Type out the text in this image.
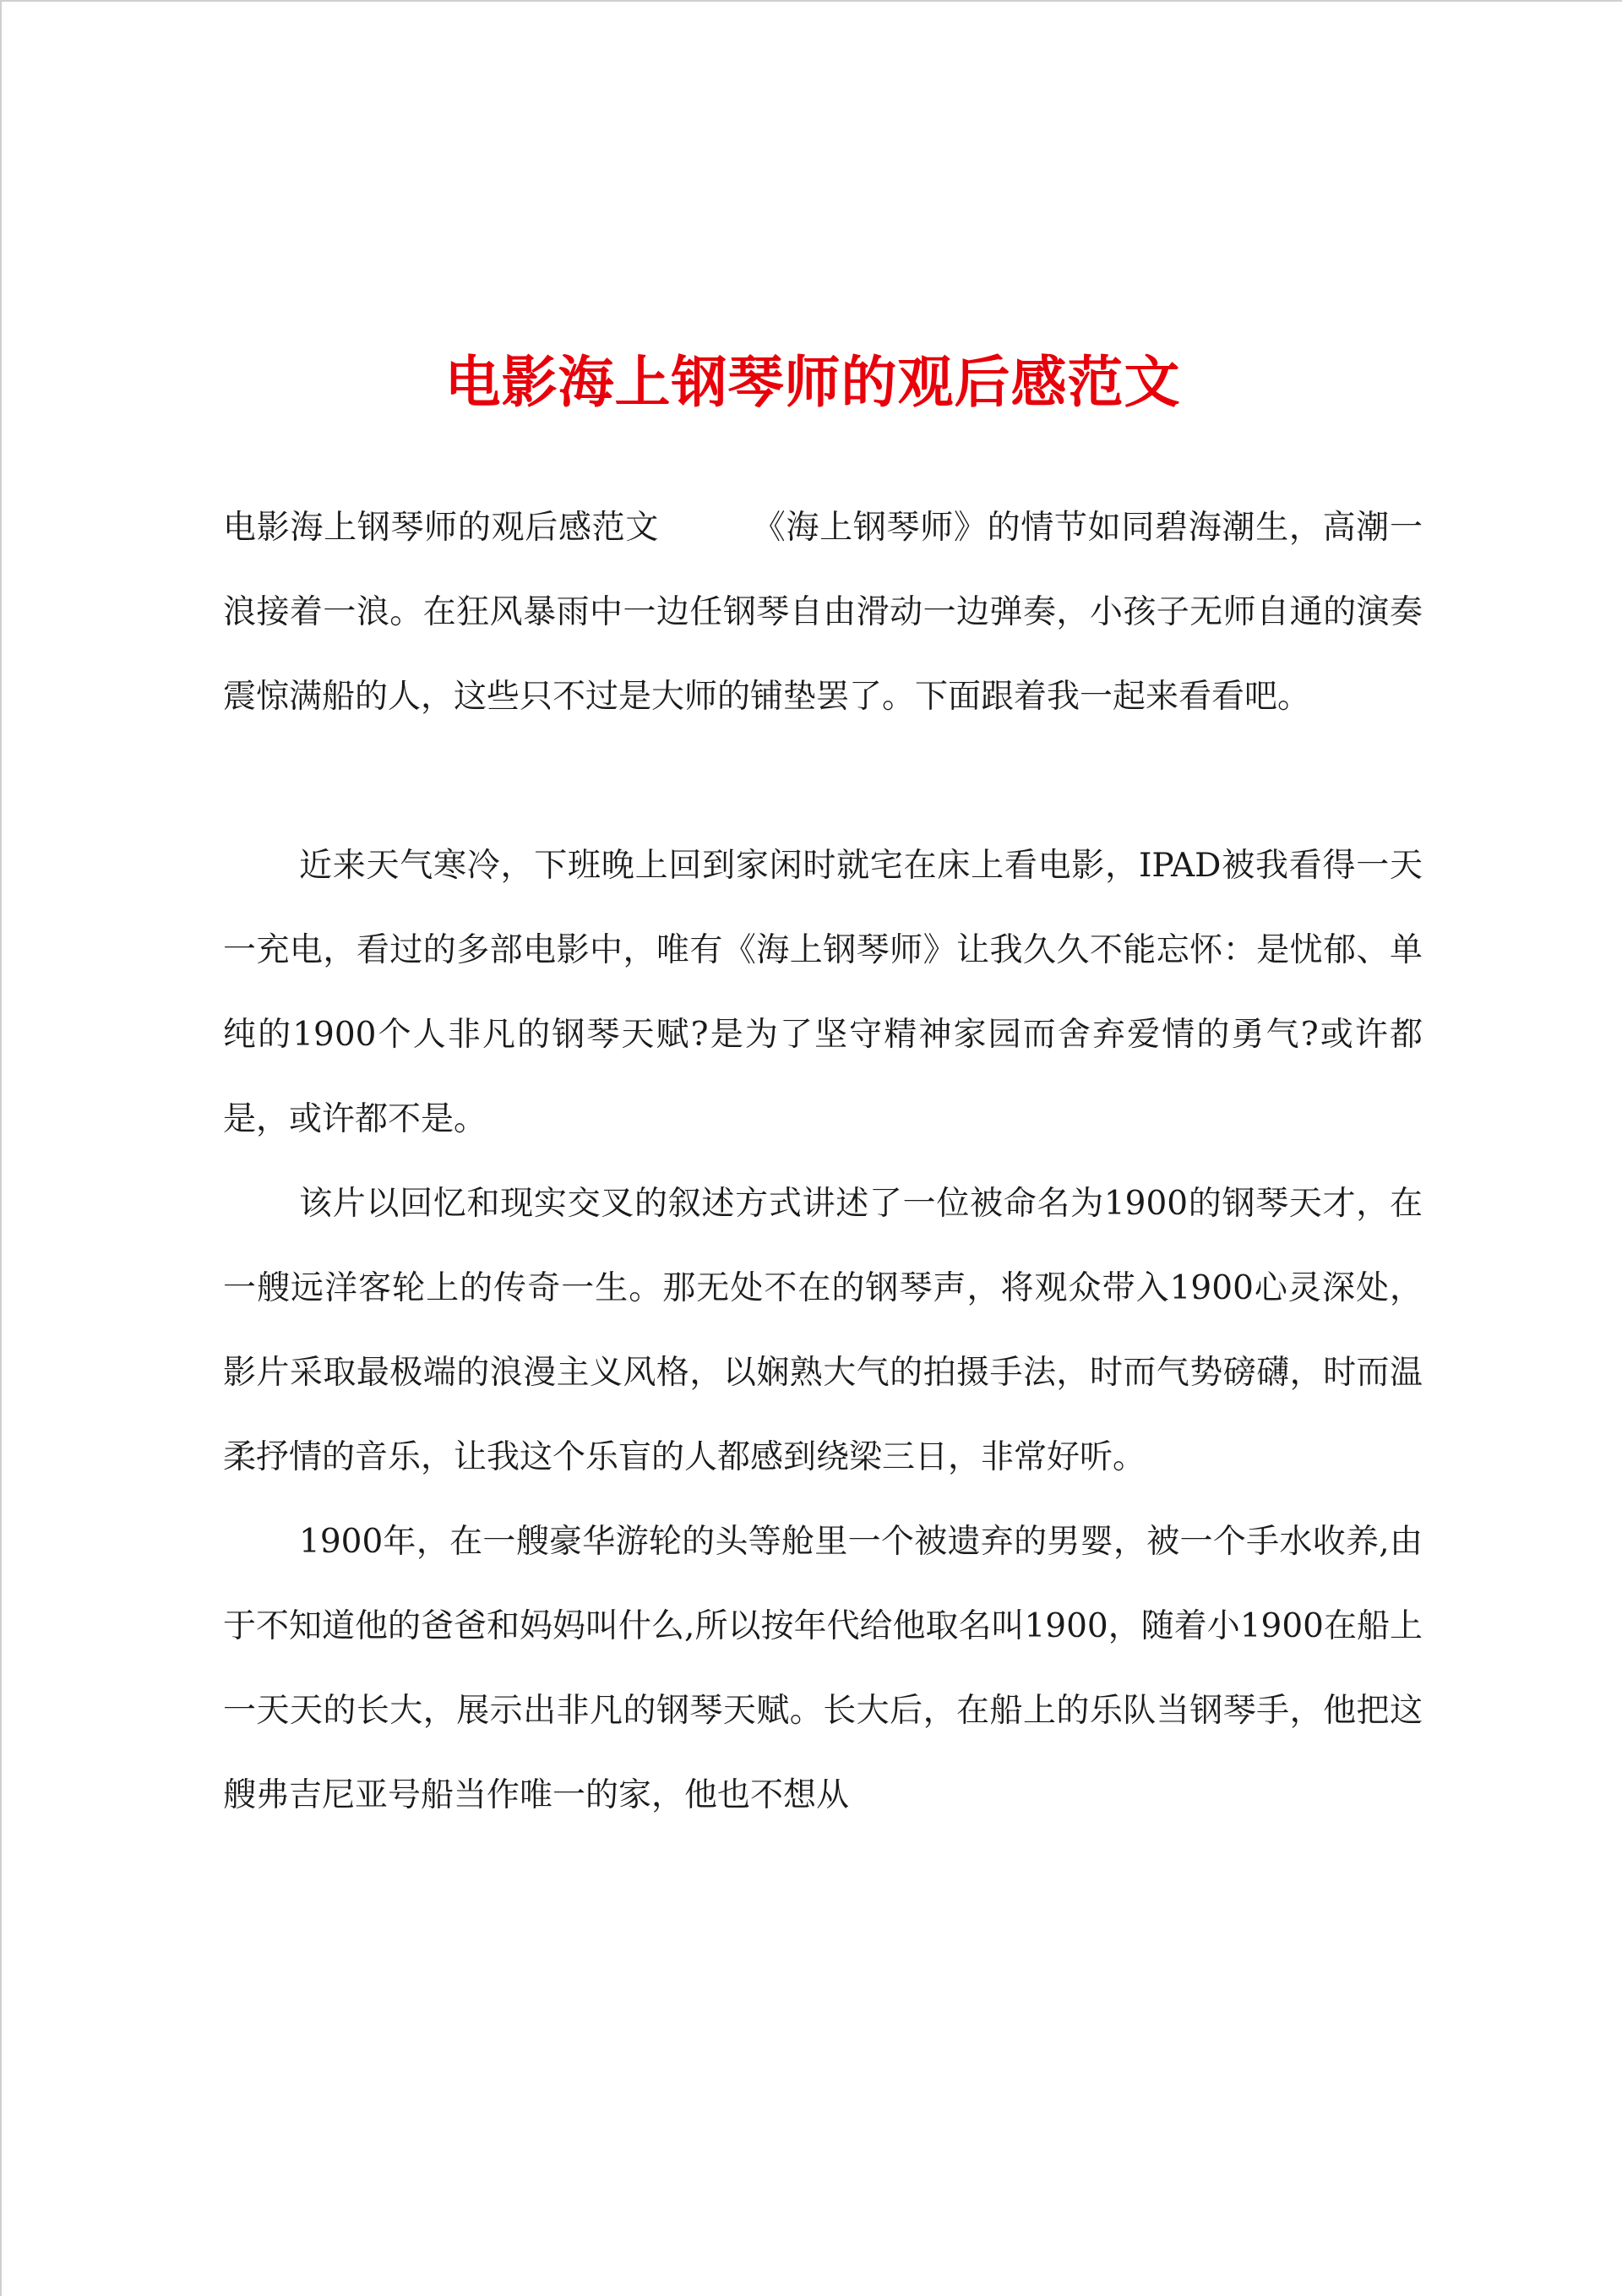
电影海上钢琴师的观后感范文

电影海上钢琴师的观后感范文	《海上钢琴师》的情节如同碧海潮生，高潮一浪接着一浪。在狂风暴雨中一边任钢琴自由滑动一边弹奏，小孩子无师自通的演奏震惊满船的人，这些只不过是大师的铺垫罢了。下面跟着我一起来看看吧。

近来天气寒冷，下班晚上回到家闲时就宅在床上看电影，IPAD被我看得一天一充电，看过的多部电影中，唯有《海上钢琴师》让我久久不能忘怀：是忧郁、单纯的1900个人非凡的钢琴天赋?是为了坚守精神家园而舍弃爱情的勇气?或许都是，或许都不是。

该片以回忆和现实交叉的叙述方式讲述了一位被命名为1900的钢琴天才，在一艘远洋客轮上的传奇一生。那无处不在的钢琴声，将观众带入1900心灵深处，影片采取最极端的浪漫主义风格，以娴熟大气的拍摄手法，时而气势磅礴，时而温柔抒情的音乐，让我这个乐盲的人都感到绕梁三日，非常好听。

1900年，在一艘豪华游轮的头等舱里一个被遗弃的男婴，被一个手水收养,由于不知道他的爸爸和妈妈叫什么,所以按年代给他取名叫1900，随着小1900在船上一天天的长大，展示出非凡的钢琴天赋。长大后，在船上的乐队当钢琴手，他把这艘弗吉尼亚号船当作唯一的家，他也不想从
